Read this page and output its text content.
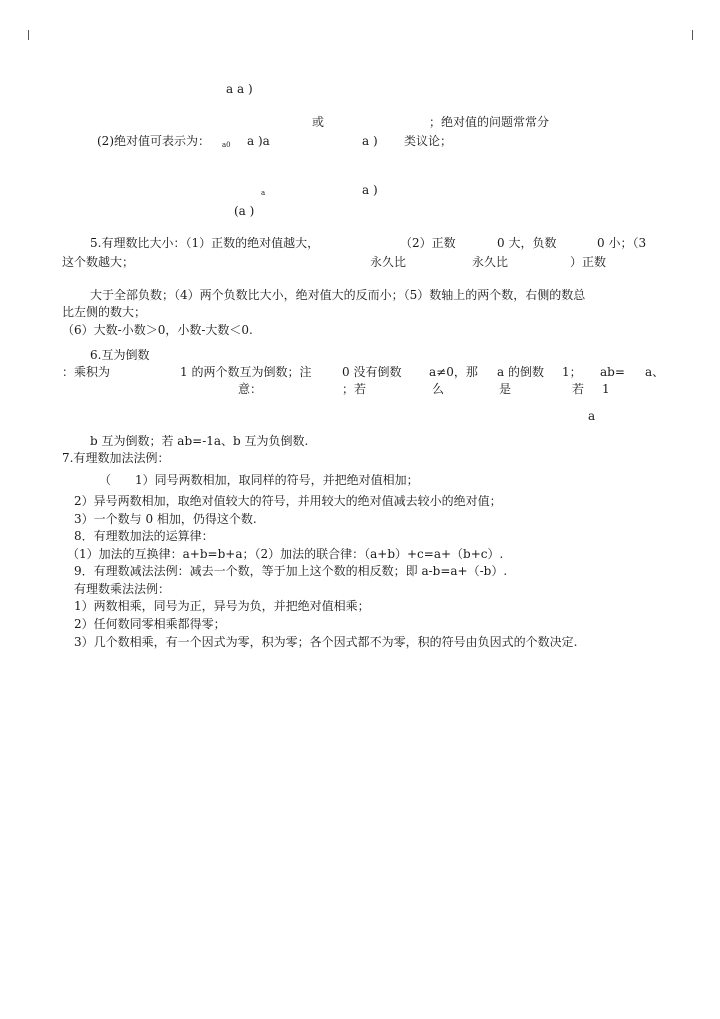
a a )
或	；绝对值的问题常常分
(2)绝对值可表示为： a0 a )a	a ) 类议论；
a	a )
(a )
5.有理数比大小：（1）正数的绝对值越大，	（2）正数	0 大，负数	0 小；（3
这个数越大；	永久比	永久比	）正数
大于全部负数；（4）两个负数比大小，绝对值大的反而小；（5）数轴上的两个数，右侧的数总
比左侧的数大；
（6）大数-小数＞0，小数-大数＜0.
6.互为倒数
：乘积为	1 的两个数互为倒数；注	0 没有倒数 a≠0，那 a 的倒数 1； ab= a、
意：	；若	么	是	若 1
a
b 互为倒数；若 ab=-1a、b 互为负倒数.
7.有理数加法法例：
（ 1）同号两数相加，取同样的符号，并把绝对值相加；
2）异号两数相加，取绝对值较大的符号，并用较大的绝对值减去较小的绝对值；
3）一个数与 0 相加，仍得这个数.
8．有理数加法的运算律：
（1）加法的互换律：a+b=b+a；（2）加法的联合律：（a+b）+c=a+（b+c）.
9．有理数减法法例：减去一个数，等于加上这个数的相反数；即 a-b=a+（-b）.
有理数乘法法例：
1）两数相乘，同号为正，异号为负，并把绝对值相乘；
2）任何数同零相乘都得零；
3）几个数相乘，有一个因式为零，积为零；各个因式都不为零，积的符号由负因式的个数决定.
